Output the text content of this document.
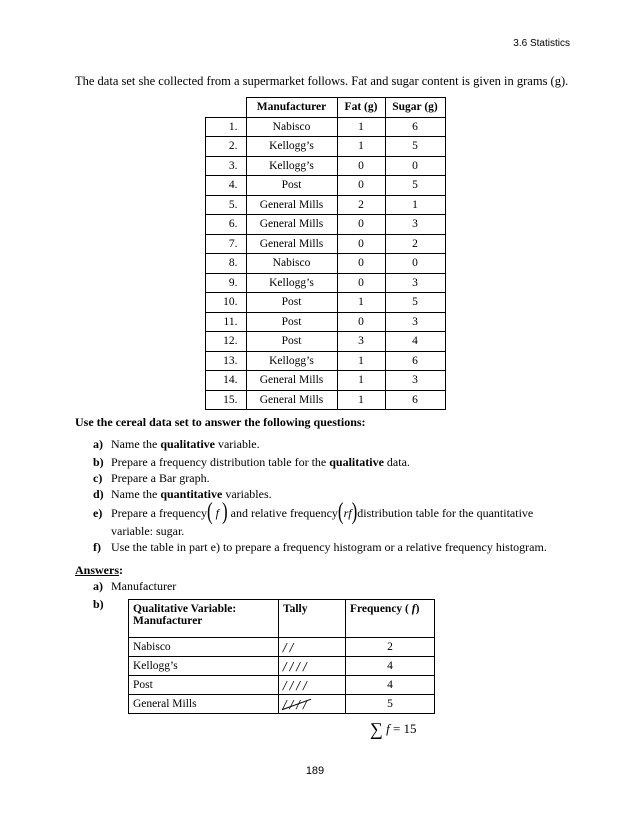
3.6 Statistics
The data set she collected from a supermarket follows. Fat and sugar content is given in grams (g).
	Manufacturer	Fat (g)	Sugar (g)
1.	Nabisco	1	6
2.	Kellogg’s	1	5
3.	Kellogg’s	0	0
4.	Post	0	5
5.	General Mills	2	1
6.	General Mills	0	3
7.	General Mills	0	2
8.	Nabisco	0	0
9.	Kellogg’s	0	3
10.	Post	1	5
11.	Post	0	3
12.	Post	3	4
13.	Kellogg’s	1	6
14.	General Mills	1	3
15.	General Mills	1	6
Use the cereal data set to answer the following questions:
a) Name the qualitative variable.
b) Prepare a frequency distribution table for the qualitative data.
c) Prepare a Bar graph.
d) Name the quantitative variables.
e) Prepare a frequency( f ) and relative frequency(rf)distribution table for the quantitative
variable: sugar.
f) Use the table in part e) to prepare a frequency histogram or a relative frequency histogram.
Answers:
a) Manufacturer
b)	Qualitative Variable:
Manufacturer	Tally	Frequency ( f)
Nabisco	//	2
Kellogg’s	////	4
Post	////	4
General Mills	////	5
∑ f = 15
189
